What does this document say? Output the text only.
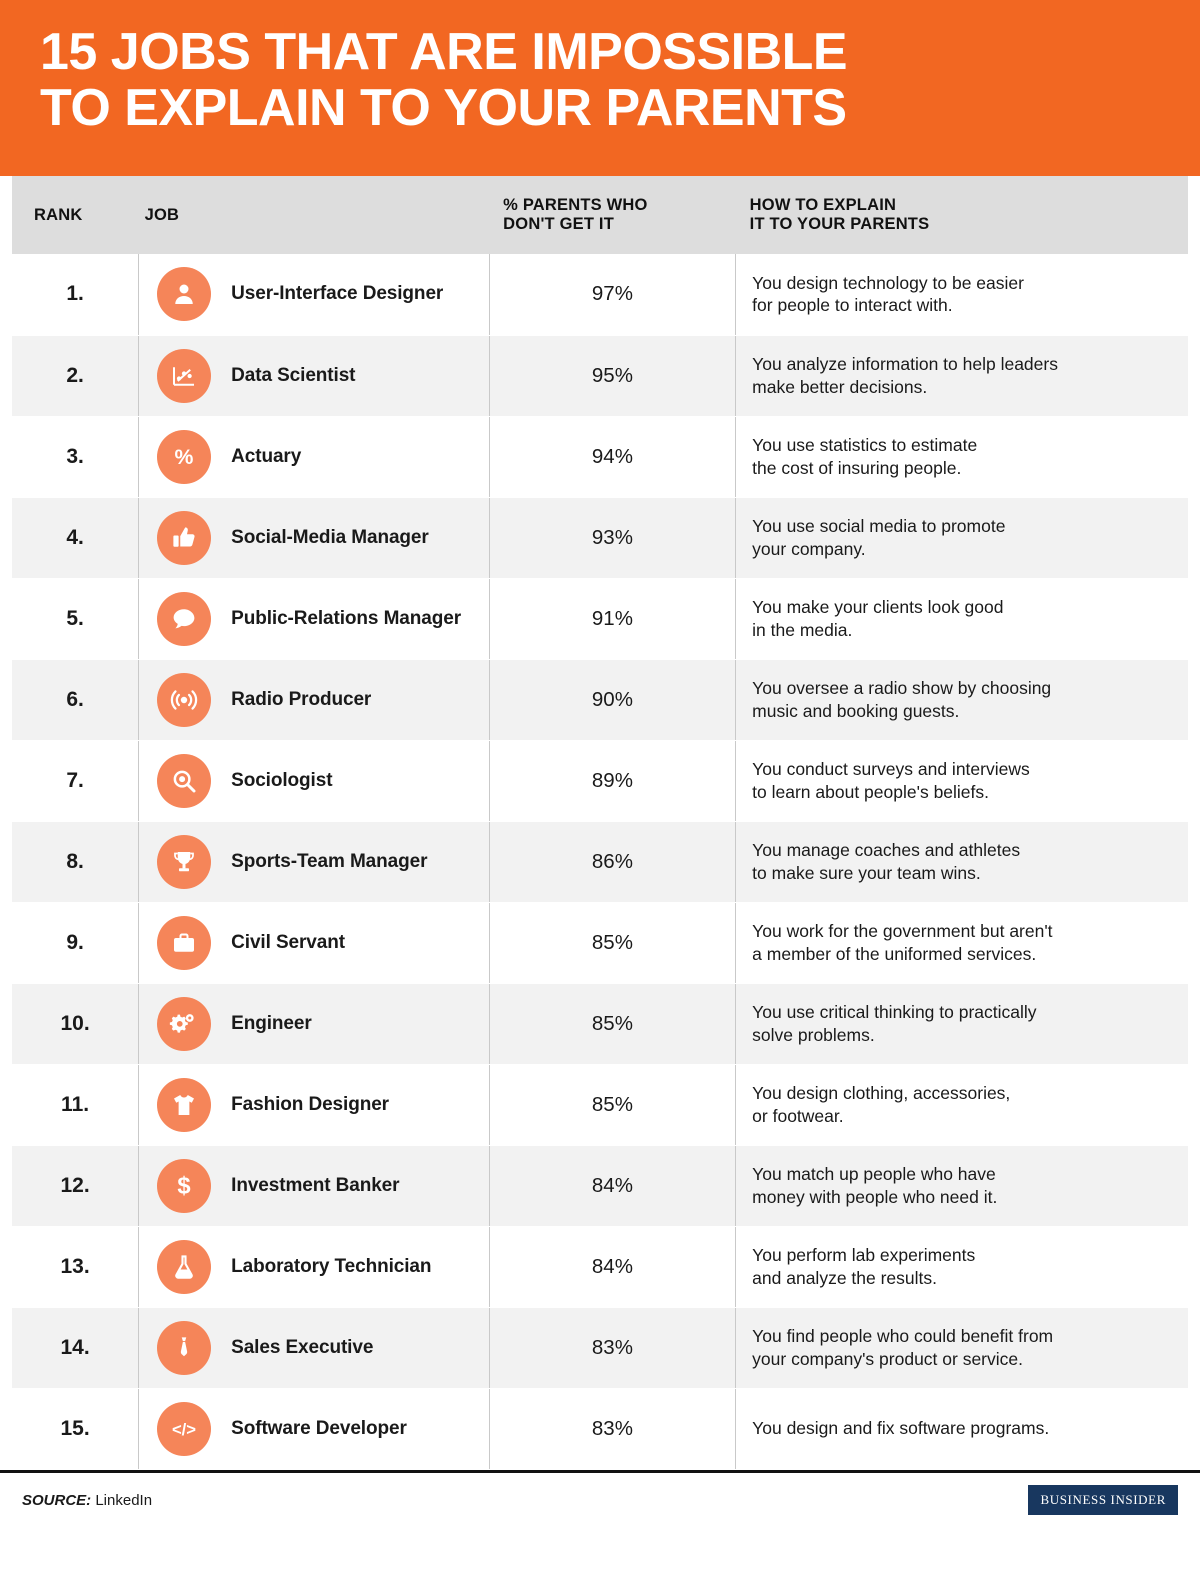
15 JOBS THAT ARE IMPOSSIBLE
TO EXPLAIN TO YOUR PARENTS
RANK	JOB	% PARENTS WHO
DON'T GET IT	HOW TO EXPLAIN
IT TO YOUR PARENTS

1.	User-Interface Designer	97%	You design technology to be easier
for people to interact with.
2.	Data Scientist	95%	You analyze information to help leaders
make better decisions.
3.	% Actuary	94%	You use statistics to estimate
the cost of insuring people.
4.	Social-Media Manager	93%	You use social media to promote
your company.
5.	Public-Relations Manager	91%	You make your clients look good
in the media.
6.	Radio Producer	90%	You oversee a radio show by choosing
music and booking guests.
7.	Sociologist	89%	You conduct surveys and interviews
to learn about people's beliefs.
8.	Sports-Team Manager	86%	You manage coaches and athletes
to make sure your team wins.
9.	Civil Servant	85%	You work for the government but aren't
a member of the uniformed services.
10.	Engineer	85%	You use critical thinking to practically
solve problems.
11.	Fashion Designer	85%	You design clothing, accessories,
or footwear.
12.	$ Investment Banker	84%	You match up people who have
money with people who need it.
13.	Laboratory Technician	84%	You perform lab experiments
and analyze the results.
14.	Sales Executive	83%	You find people who could benefit from
your company's product or service.
15.	</> Software Developer	83%	You design and fix software programs.
SOURCE: LinkedIn	BUSINESS INSIDER
